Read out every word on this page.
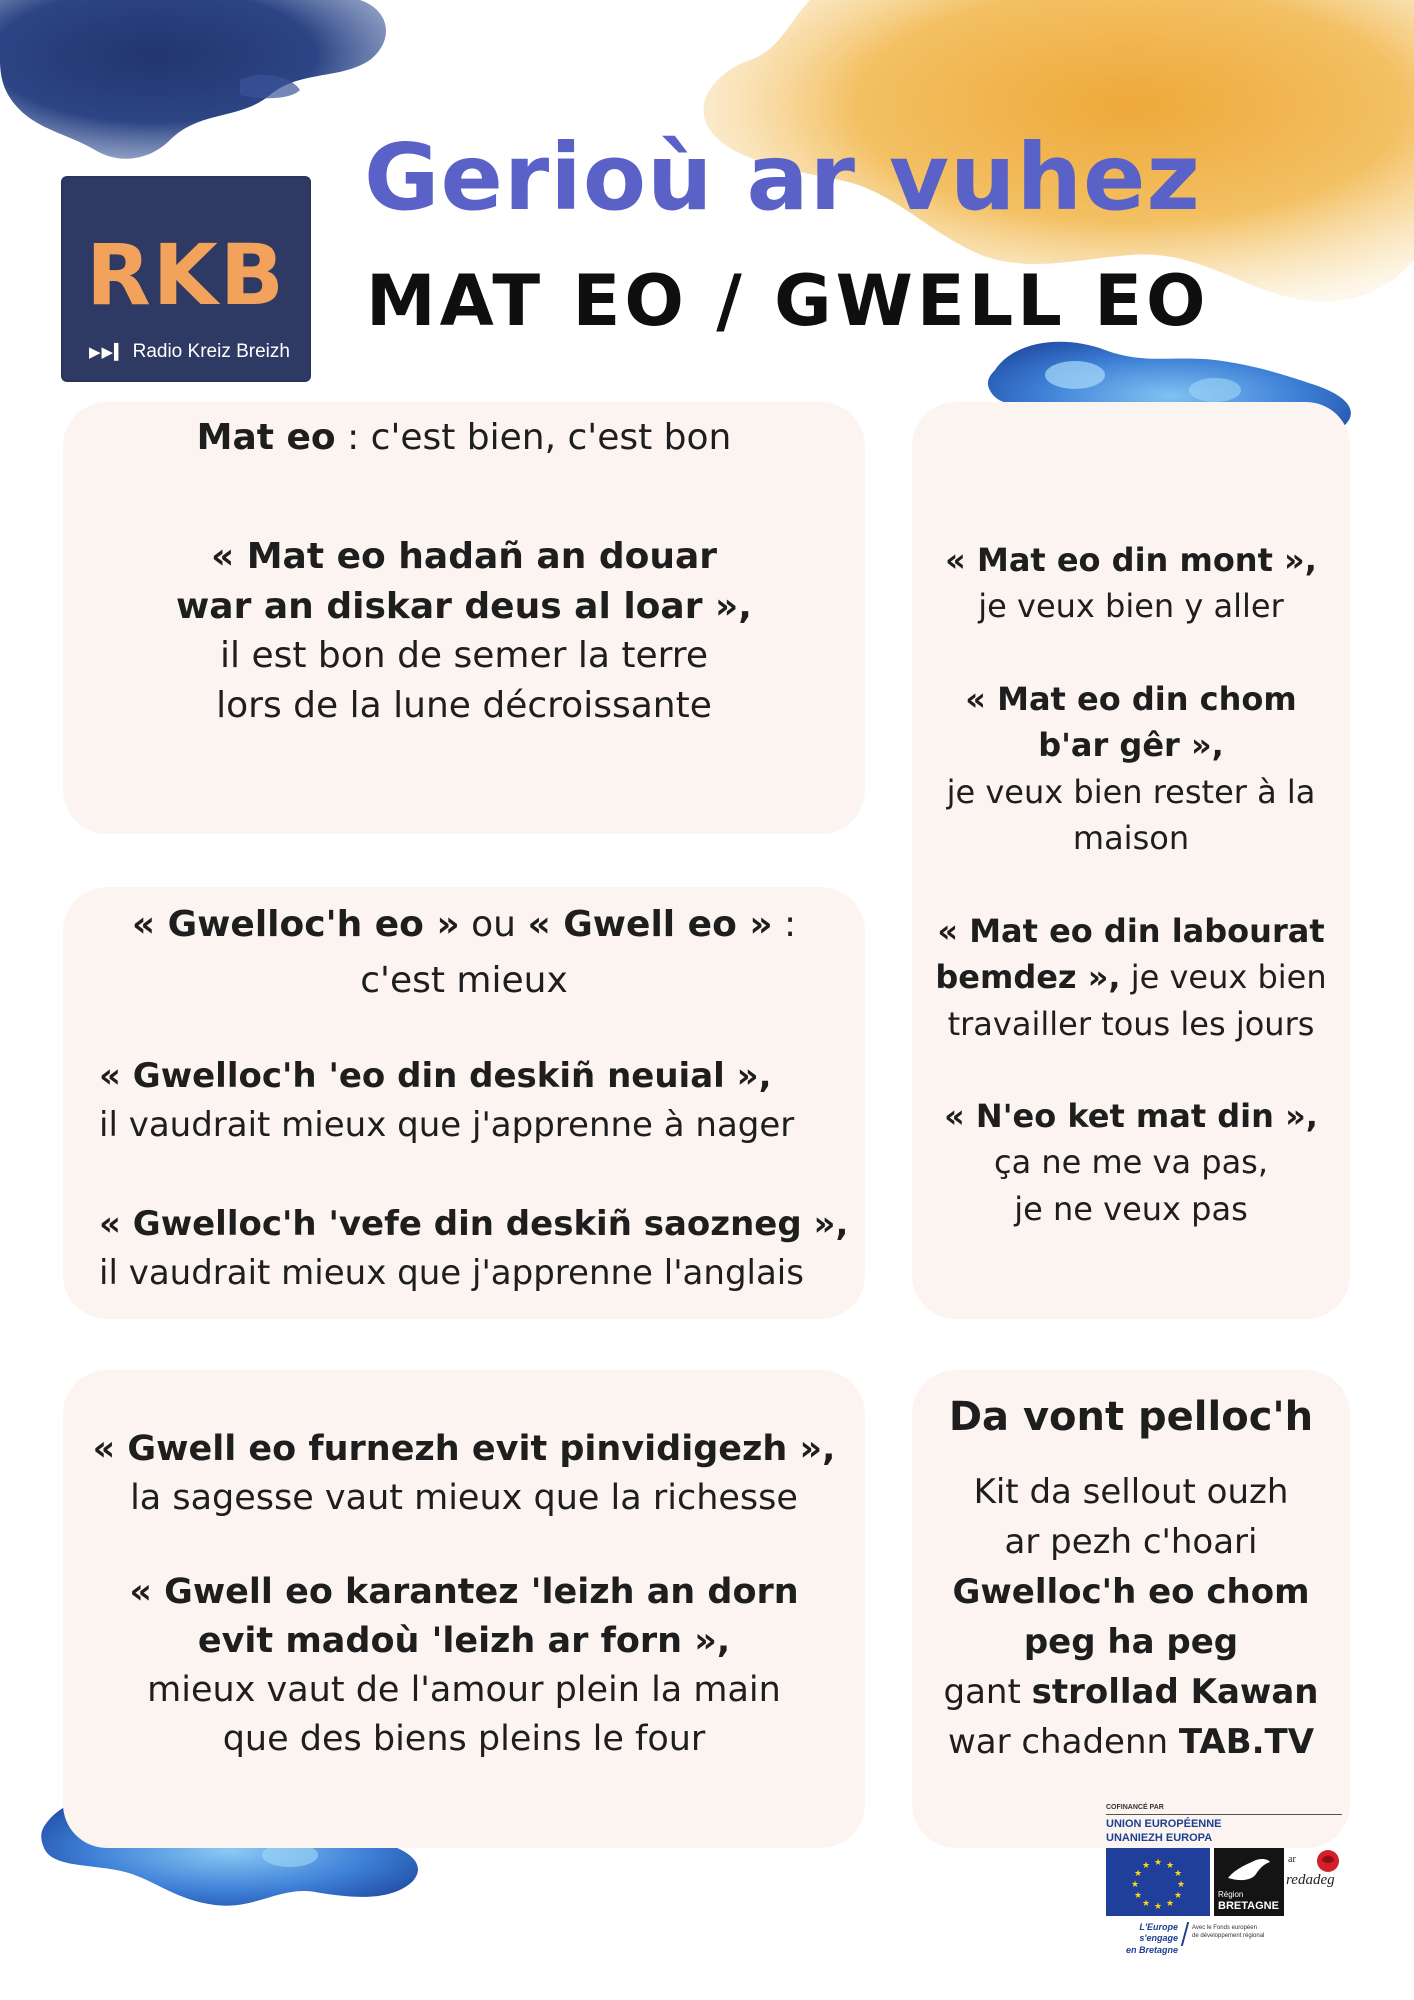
RKB
▶▶▍ Radio Kreiz Breizh
Gerioù ar vuhez
MAT EO / GWELL EO
Mat eo : c'est bien, c'est bon
« Mat eo hadañ an douar
war an diskar deus al loar »,
il est bon de semer la terre
lors de la lune décroissante
« Gwelloc'h eo » ou « Gwell eo » :
c'est mieux
« Gwelloc'h 'eo din deskiñ neuial »,
il vaudrait mieux que j'apprenne à nager
« Gwelloc'h 'vefe din deskiñ saozneg »,
il vaudrait mieux que j'apprenne l'anglais
« Gwell eo furnezh evit pinvidigezh »,
la sagesse vaut mieux que la richesse
« Gwell eo karantez 'leizh an dorn
evit madoù 'leizh ar forn »,
mieux vaut de l'amour plein la main
que des biens pleins le four
« Mat eo din mont »,
je veux bien y aller
« Mat eo din chom
b'ar gêr »,
je veux bien rester à la
maison
« Mat eo din labourat
bemdez », je veux bien
travailler tous les jours
« N'eo ket mat din »,
ça ne me va pas,
je ne veux pas
Da vont pelloc'h
Kit da sellout ouzh
ar pezh c'hoari
Gwelloc'h eo chom
peg ha peg
gant strollad Kawan
war chadenn TAB.TV
COFINANCÉ PAR
UNION EUROPÉENNE
UNANIEZH EUROPA
★ ★
★
★
★
★
★
★
★
★
★
★
Région
BRETAGNE
ar
redadeg
L'Europe s'engage
en Bretagne
Avec le Fonds européen
de développement régional
